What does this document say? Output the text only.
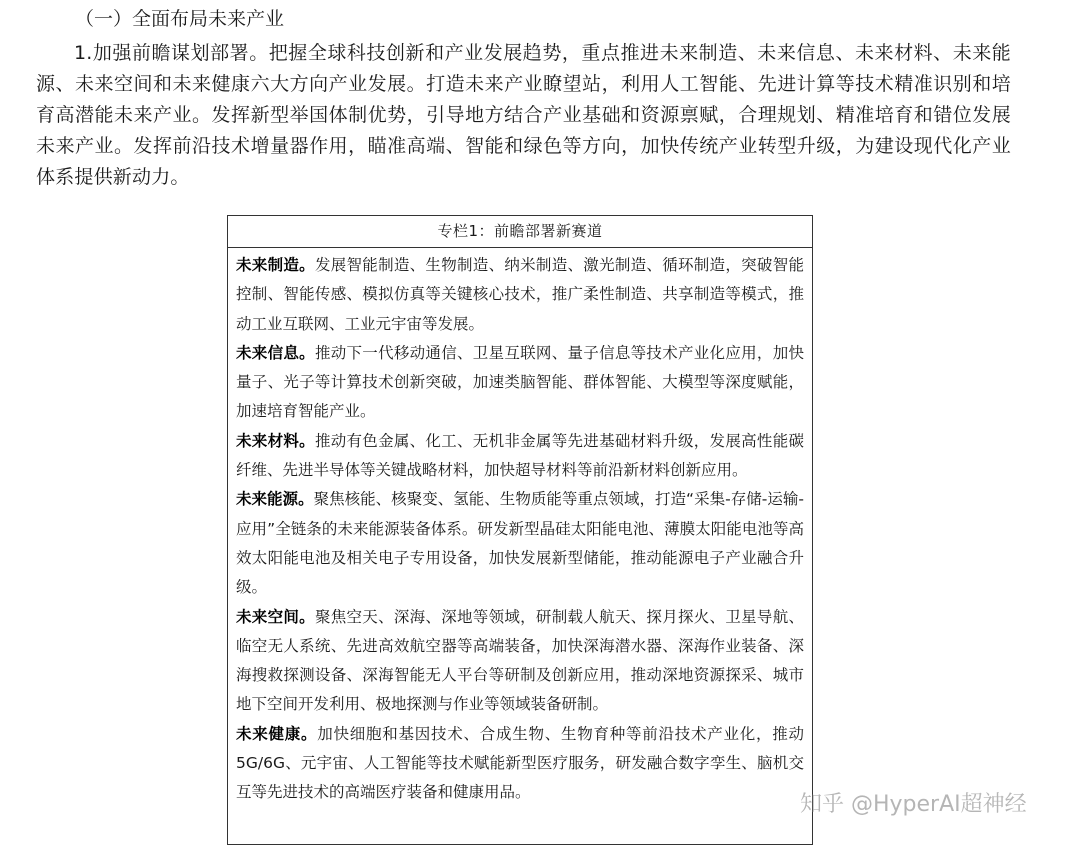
（一）全面布局未来产业

1.加强前瞻谋划部署。把握全球科技创新和产业发展趋势，重点推进未来制造、未来信息、未来材料、未来能源、未来空间和未来健康六大方向产业发展。打造未来产业瞭望站，利用人工智能、先进计算等技术精准识别和培育高潜能未来产业。发挥新型举国体制优势，引导地方结合产业基础和资源禀赋，合理规划、精准培育和错位发展未来产业。发挥前沿技术增量器作用，瞄准高端、智能和绿色等方向，加快传统产业转型升级，为建设现代化产业体系提供新动力。

专栏1：前瞻部署新赛道

未来制造。发展智能制造、生物制造、纳米制造、激光制造、循环制造，突破智能控制、智能传感、模拟仿真等关键核心技术，推广柔性制造、共享制造等模式，推动工业互联网、工业元宇宙等发展。

未来信息。推动下一代移动通信、卫星互联网、量子信息等技术产业化应用，加快量子、光子等计算技术创新突破，加速类脑智能、群体智能、大模型等深度赋能，加速培育智能产业。

未来材料。推动有色金属、化工、无机非金属等先进基础材料升级，发展高性能碳纤维、先进半导体等关键战略材料，加快超导材料等前沿新材料创新应用。

未来能源。聚焦核能、核聚变、氢能、生物质能等重点领域，打造“采集-存储-运输-应用”全链条的未来能源装备体系。研发新型晶硅太阳能电池、薄膜太阳能电池等高效太阳能电池及相关电子专用设备，加快发展新型储能，推动能源电子产业融合升级。

未来空间。聚焦空天、深海、深地等领域，研制载人航天、探月探火、卫星导航、临空无人系统、先进高效航空器等高端装备，加快深海潜水器、深海作业装备、深海搜救探测设备、深海智能无人平台等研制及创新应用，推动深地资源探采、城市地下空间开发利用、极地探测与作业等领域装备研制。

未来健康。加快细胞和基因技术、合成生物、生物育种等前沿技术产业化，推动5G/6G、元宇宙、人工智能等技术赋能新型医疗服务，研发融合数字孪生、脑机交互等先进技术的高端医疗装备和健康用品。	知乎 @HyperAI超神经
